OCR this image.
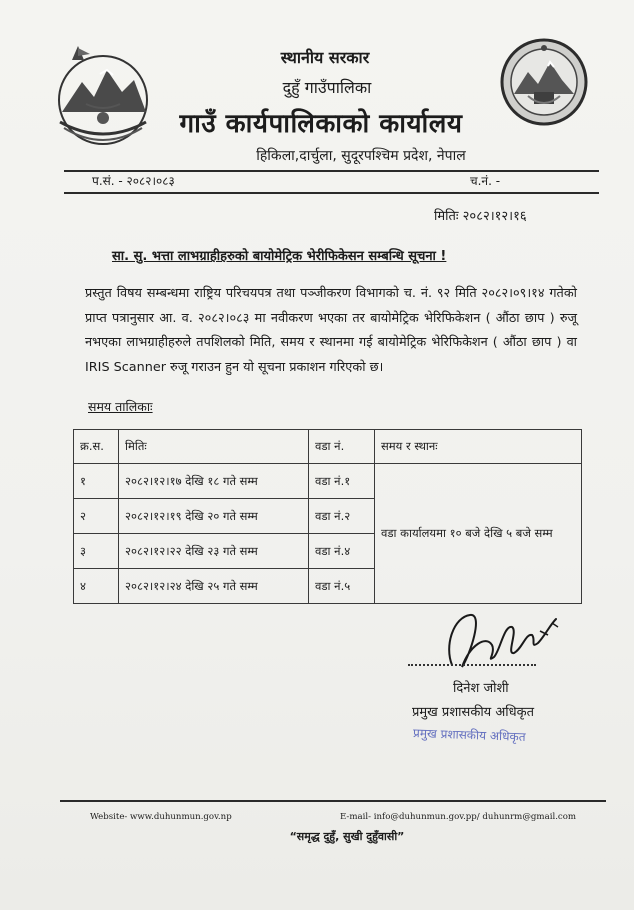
स्थानीय सरकार
दुहुँ गाउँपालिका
गाउँ कार्यपालिकाको कार्यालय
हिकिला,दार्चुला, सुदूरपश्चिम प्रदेश, नेपाल
प.सं. - २०८२।०८३	च.नं. -
मितिः २०८२।१२।१६
सा. सु. भत्ता लाभग्राहीहरुको बायोमेट्रिक भेरीफिकेसन सम्बन्धि सूचना !
प्रस्तुत विषय सम्बन्धमा राष्ट्रिय परिचयपत्र तथा पञ्जीकरण विभागको च. नं. ९२ मिति २०८२।०९।१४ गतेको प्राप्त पत्रानुसार आ. व. २०८२।०८३ मा नवीकरण भएका तर बायोमेट्रिक भेरिफिकेशन ( औंठा छाप ) रुजू नभएका लाभग्राहीहरुले तपशिलको मिति, समय र स्थानमा गई बायोमेट्रिक भेरिफिकेशन ( औंठा छाप ) वा IRIS Scanner रुजू गराउन हुन यो सूचना प्रकाशन गरिएको छ।
समय तालिकाः
क्र.स.	मितिः	वडा नं.	समय र स्थानः
१	२०८२।१२।१७ देखि १८ गते सम्म	वडा नं.१	वडा कार्यालयमा १० बजे देखि ५ बजे सम्म
२	२०८२।१२।१९ देखि २० गते सम्म	वडा नं.२	
३	२०८२।१२।२२ देखि २३ गते सम्म	वडा नं.४	
४	२०८२।१२।२४ देखि २५ गते सम्म	वडा नं.५	
दिनेश जोशी
प्रमुख प्रशासकीय अधिकृत
प्रमुख प्रशासकीय अधिकृत
Website- www.duhunmun.gov.np	E-mail- info@duhunmun.gov.pp/ duhunrm@gmail.com
“समृद्ध दुहुँ, सुखी दुहुँवासी”
